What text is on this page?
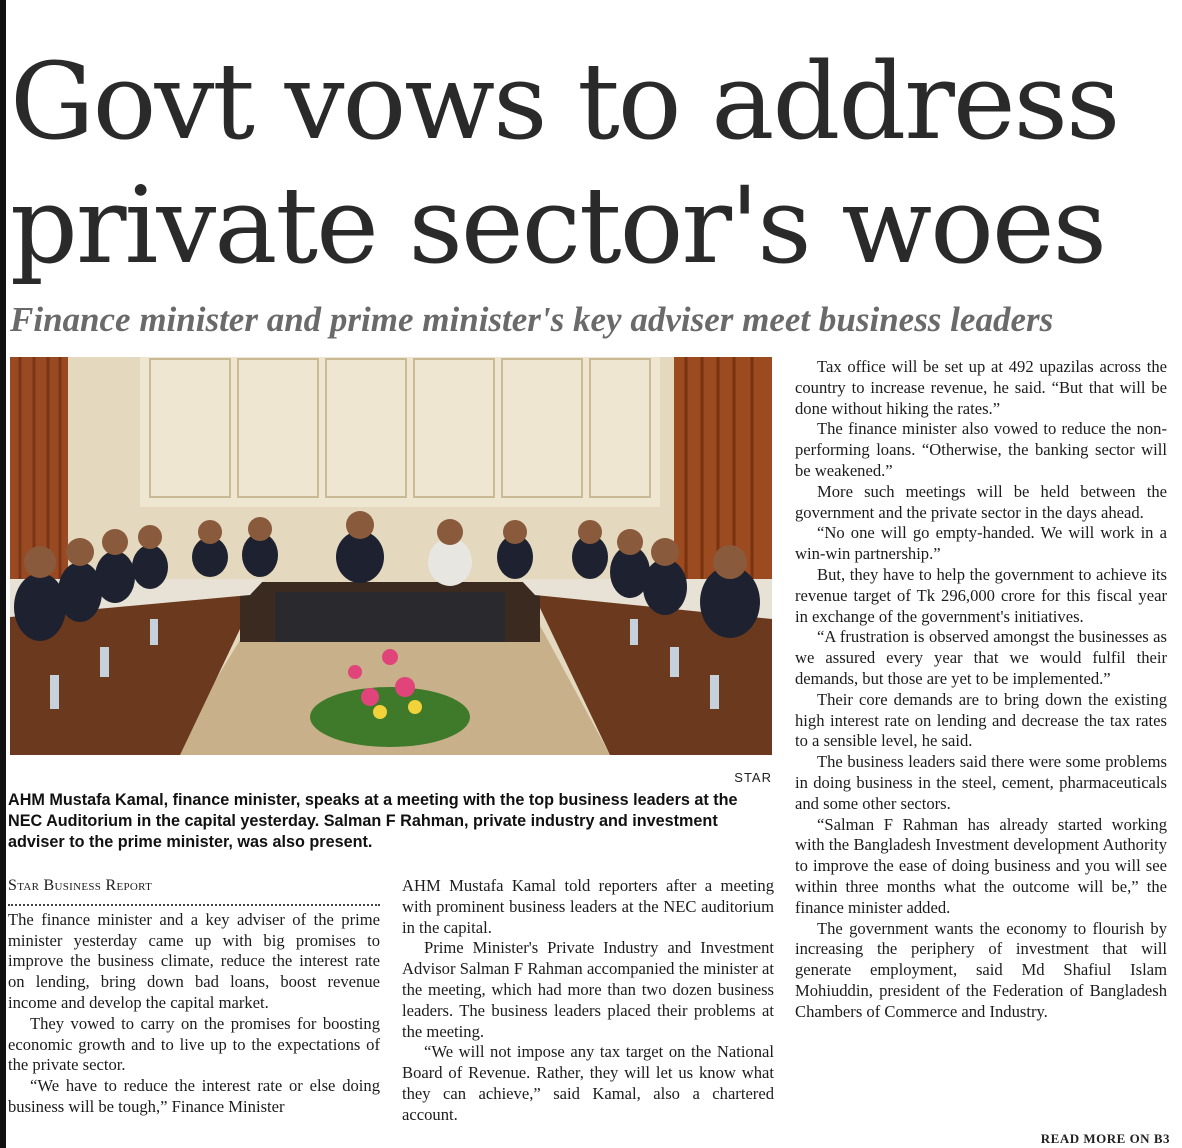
Govt vows to address
private sector's woes
Finance minister and prime minister's key adviser meet business leaders
STAR

AHM Mustafa Kamal, finance minister, speaks at a meeting with the top business leaders at the NEC Auditorium in the capital yesterday. Salman F Rahman, private industry and investment adviser to the prime minister, was also present.

Star Business Report

The finance minister and a key adviser of the prime minister yesterday came up with big promises to improve the business climate, reduce the interest rate on lending, bring down bad loans, boost revenue income and develop the capital market.

They vowed to carry on the promises for boosting economic growth and to live up to the expectations of the private sector.

“We have to reduce the interest rate or else doing business will be tough,” Finance Minister

AHM Mustafa Kamal told reporters after a meeting with prominent business leaders at the NEC auditorium in the capital.

Prime Minister's Private Industry and Investment Advisor Salman F Rahman accompanied the minister at the meeting, which had more than two dozen business leaders. The business leaders placed their problems at the meeting.

“We will not impose any tax target on the National Board of Revenue. Rather, they will let us know what they can achieve,” said Kamal, also a chartered account.

Tax office will be set up at 492 upazilas across the country to increase revenue, he said. “But that will be done without hiking the rates.”

The finance minister also vowed to reduce the non-performing loans. “Otherwise, the banking sector will be weakened.”

More such meetings will be held between the government and the private sector in the days ahead.

“No one will go empty-handed. We will work in a win-win partnership.”

But, they have to help the government to achieve its revenue target of Tk 296,000 crore for this fiscal year in exchange of the government's initiatives.

“A frustration is observed amongst the businesses as we assured every year that we would fulfil their demands, but those are yet to be implemented.”

Their core demands are to bring down the existing high interest rate on lending and decrease the tax rates to a sensible level, he said.

The business leaders said there were some problems in doing business in the steel, cement, pharmaceuticals and some other sectors.

“Salman F Rahman has already started working with the Bangladesh Investment development Authority to improve the ease of doing business and you will see within three months what the outcome will be,” the finance minister added.

The government wants the economy to flourish by increasing the periphery of investment that will generate employment, said Md Shafiul Islam Mohiuddin, president of the Federation of Bangladesh Chambers of Commerce and Industry.

READ MORE ON B3
